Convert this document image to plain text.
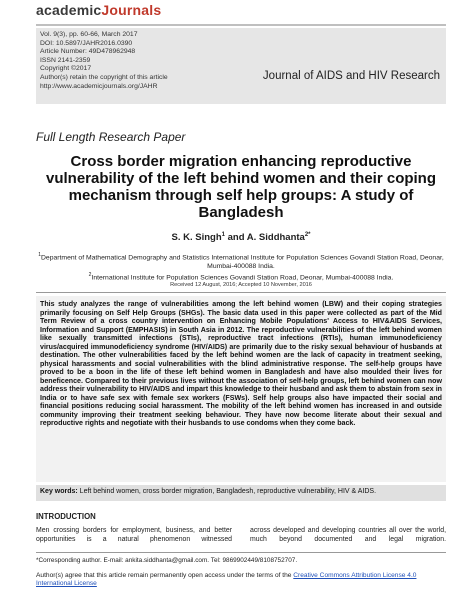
academicJournals
Vol. 9(3), pp. 60-66, March 2017
DOI: 10.5897/JAHR2016.0390
Article Number: 49D478962948
ISSN 2141-2359
Copyright ©2017
Author(s) retain the copyright of this article
http://www.academicjournals.org/JAHR
Journal of AIDS and HIV Research
Full Length Research Paper
Cross border migration enhancing reproductive vulnerability of the left behind women and their coping mechanism through self help groups: A study of Bangladesh
S. K. Singh$^1$ and A. Siddhanta$^{2*}$
$^1$Department of Mathematical Demography and Statistics International Institute for Population Sciences Govandi Station Road, Deonar, Mumbai-400088 India.
$^2$International Institute for Population Sciences Govandi Station Road, Deonar, Mumbai-400088 India.
Received 12 August, 2016; Accepted 10 November, 2016
This study analyzes the range of vulnerabilities among the left behind women (LBW) and their coping strategies primarily focusing on Self Help Groups (SHGs). The basic data used in this paper were collected as part of the Mid Term Review of a cross country intervention on Enhancing Mobile Populations' Access to HIV&AIDS Services, Information and Support (EMPHASIS) in South Asia in 2012. The reproductive vulnerabilities of the left behind women like sexually transmitted infections (STIs), reproductive tract infections (RTIs), human immunodeficiency virus/acquired immunodeficiency syndrome (HIV/AIDS) are primarily due to the risky sexual behaviour of husbands at destination. The other vulnerabilities faced by the left behind women are the lack of capacity in treatment seeking, physical harassments and social vulnerabilities with the blind administrative response. The self-help groups have proved to be a boon in the life of these left behind women in Bangladesh and have also moulded their lives for beneficence. Compared to their previous lives without the association of self-help groups, left behind women can now address their vulnerability to HIV/AIDS and impart this knowledge to their husband and ask them to abstain from sex in India or to have safe sex with female sex workers (FSWs). Self help groups also have impacted their social and financial positions reducing social harassment. The mobility of the left behind women has increased in and outside community improving their treatment seeking behaviour. They have now become literate about their sexual and reproductive rights and negotiate with their husbands to use condoms when they come back.
Key words: Left behind women, cross border migration, Bangladesh, reproductive vulnerability, HIV & AIDS.
INTRODUCTION
Men crossing borders for employment, business, and better opportunities is a natural phenomenon witnessed
across developed and developing countries all over the world, much beyond documented and legal migration.
*Corresponding author. E-mail: ankita.siddhanta@gmail.com. Tel: 9869902449/8108752707.
Author(s) agree that this article remain permanently open access under the terms of the Creative Commons Attribution License 4.0 International License
